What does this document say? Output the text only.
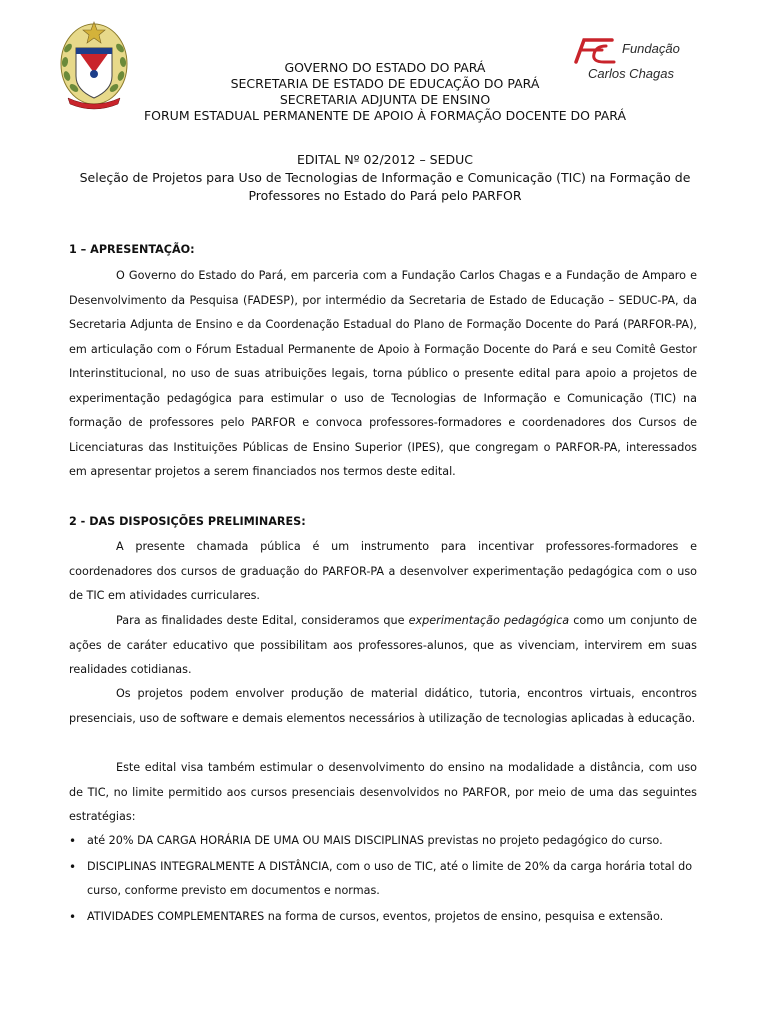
Fundação
Carlos Chagas
GOVERNO DO ESTADO DO PARÁ
SECRETARIA DE ESTADO DE EDUCAÇÃO DO PARÁ
SECRETARIA ADJUNTA DE ENSINO
FORUM ESTADUAL PERMANENTE DE APOIO À FORMAÇÃO DOCENTE DO PARÁ
EDITAL Nº 02/2012 – SEDUC
Seleção de Projetos para Uso de Tecnologias de Informação e Comunicação (TIC) na Formação de
Professores no Estado do Pará pelo PARFOR
1 – APRESENTAÇÃO:

O Governo do Estado do Pará, em parceria com a Fundação Carlos Chagas e a Fundação de Amparo e Desenvolvimento da Pesquisa (FADESP), por intermédio da Secretaria de Estado de Educação – SEDUC-PA, da Secretaria Adjunta de Ensino e da Coordenação Estadual do Plano de Formação Docente do Pará (PARFOR-PA), em articulação com o Fórum Estadual Permanente de Apoio à Formação Docente do Pará e seu Comitê Gestor Interinstitucional, no uso de suas atribuições legais, torna público o presente edital para apoio a projetos de experimentação pedagógica para estimular o uso de Tecnologias de Informação e Comunicação (TIC) na formação de professores pelo PARFOR e convoca professores-formadores e coordenadores dos Cursos de Licenciaturas das Instituições Públicas de Ensino Superior (IPES), que congregam o PARFOR-PA, interessados em apresentar projetos a serem financiados nos termos deste edital.

2 - DAS DISPOSIÇÕES PRELIMINARES:

A presente chamada pública é um instrumento para incentivar professores-formadores e coordenadores dos cursos de graduação do PARFOR-PA a desenvolver experimentação pedagógica com o uso de TIC em atividades curriculares.

Para as finalidades deste Edital, consideramos que experimentação pedagógica como um conjunto de ações de caráter educativo que possibilitam aos professores-alunos, que as vivenciam, intervirem em suas realidades cotidianas.

Os projetos podem envolver produção de material didático, tutoria, encontros virtuais, encontros presenciais, uso de software e demais elementos necessários à utilização de tecnologias aplicadas à educação.

Este edital visa também estimular o desenvolvimento do ensino na modalidade a distância, com uso de TIC, no limite permitido aos cursos presenciais desenvolvidos no PARFOR, por meio de uma das seguintes estratégias:

• até 20% DA CARGA HORÁRIA DE UMA OU MAIS DISCIPLINAS previstas no projeto pedagógico do curso.
• DISCIPLINAS INTEGRALMENTE A DISTÂNCIA, com o uso de TIC, até o limite de 20% da carga horária total do curso, conforme previsto em documentos e normas.
• ATIVIDADES COMPLEMENTARES na forma de cursos, eventos, projetos de ensino, pesquisa e extensão.
